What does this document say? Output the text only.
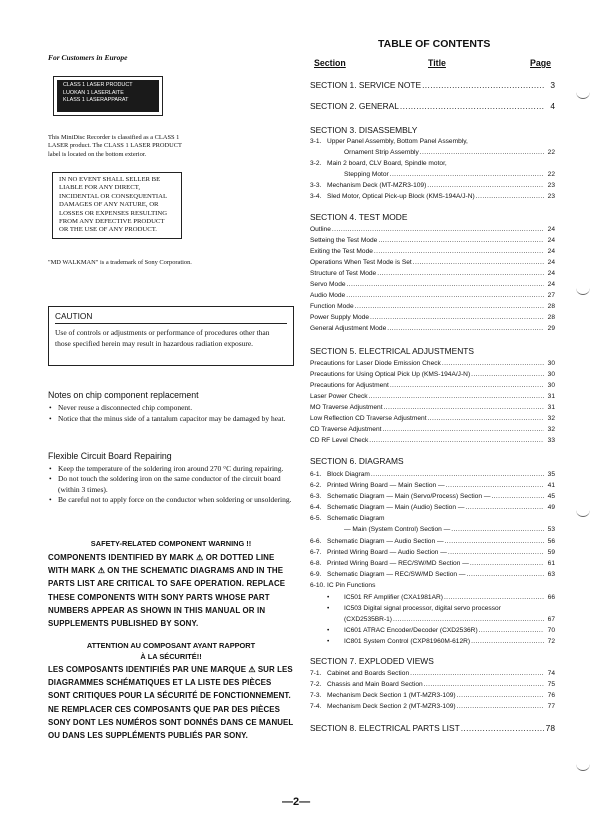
For Customers in Europe
CLASS 1 LASER PRODUCT
LUOKAN 1 LASERLAITE
KLASS 1 LASERAPPARAT
This MiniDisc Recorder is classified as a CLASS 1 LASER product. The CLASS 1 LASER PRODUCT label is located on the bottom exterior.
IN NO EVENT SHALL SELLER BE LIABLE FOR ANY DIRECT, INCIDENTAL OR CONSEQUENTIAL DAMAGES OF ANY NATURE, OR LOSSES OR EXPENSES RESULTING FROM ANY DEFECTIVE PRODUCT OR THE USE OF ANY PRODUCT.
"MD WALKMAN" is a trademark of Sony Corporation.
CAUTION
Use of controls or adjustments or performance of procedures other than those specified herein may result in hazardous radiation exposure.
Notes on chip component replacement
• Never reuse a disconnected chip component.
• Notice that the minus side of a tantalum capacitor may be damaged by heat.
Flexible Circuit Board Repairing
• Keep the temperature of the soldering iron around 270 °C during repairing.
• Do not touch the soldering iron on the same conductor of the circuit board (within 3 times).
• Be careful not to apply force on the conductor when soldering or unsoldering.
SAFETY-RELATED COMPONENT WARNING !!
COMPONENTS IDENTIFIED BY MARK ⚠ OR DOTTED LINE WITH MARK ⚠ ON THE SCHEMATIC DIAGRAMS AND IN THE PARTS LIST ARE CRITICAL TO SAFE OPERATION. REPLACE THESE COMPONENTS WITH SONY PARTS WHOSE PART NUMBERS APPEAR AS SHOWN IN THIS MANUAL OR IN SUPPLEMENTS PUBLISHED BY SONY.
ATTENTION AU COMPOSANT AYANT RAPPORT
À LA SÉCURITÉ!!
LES COMPOSANTS IDENTIFIÉS PAR UNE MARQUE ⚠ SUR LES DIAGRAMMES SCHÉMATIQUES ET LA LISTE DES PIÈCES SONT CRITIQUES POUR LA SÉCURITÉ DE FONCTIONNEMENT. NE REMPLACER CES COMPOSANTS QUE PAR DES PIÈCES SONY DONT LES NUMÉROS SONT DONNÉS DANS CE MANUEL OU DANS LES SUPPLÉMENTS PUBLIÉS PAR SONY.
—2—
TABLE OF CONTENTS
Section	Title	Page
SECTION 1. SERVICE NOTE .....	3
SECTION 2. GENERAL .....	4
SECTION 3. DISASSEMBLY
3-1. Upper Panel Assembly, Bottom Panel Assembly,
Ornament Strip Assembly .....	22
3-2. Main 2 board, CLV Board, Spindle motor,
Stepping Motor .....	22
3-3. Mechanism Deck (MT-MZR3-109) .....	23
3-4. Sled Motor, Optical Pick-up Block (KMS-194A/J-N) .....	23
SECTION 4. TEST MODE
Outline .....	24
Setteing the Test Mode .....	24
Exiting the Test Mode .....	24
Operations When Test Mode is Set .....	24
Structure of Test Mode .....	24
Servo Mode .....	24
Audio Mode .....	27
Function Mode .....	28
Power Supply Mode .....	28
General Adjustment Mode .....	29
SECTION 5. ELECTRICAL ADJUSTMENTS
Precautions for Laser Diode Emission Check .....	30
Precautions for Using Optical Pick Up (KMS-194A/J-N) .....	30
Precautions for Adjustment .....	30
Laser Power Check .....	31
MO Traverse Adjustment .....	31
Low Reflection CD Traverse Adjustment .....	32
CD Traverse Adjustment .....	32
CD RF Level Check .....	33
SECTION 6. DIAGRAMS
6-1. Block Diagram .....	35
6-2. Printed Wiring Board — Main Section — .....	41
6-3. Schematic Diagram — Main (Servo/Process) Section — .....	45
6-4. Schematic Diagram — Main (Audio) Section — .....	49
6-5. Schematic Diagram
— Main (System Control) Section — .....	53
6-6. Schematic Diagram — Audio Section — .....	56
6-7. Printed Wiring Board — Audio Section — .....	59
6-8. Printed Wiring Board — REC/SW/MD Section — .....	61
6-9. Schematic Diagram — REC/SW/MD Section — .....	63
6-10. IC Pin Functions
•	IC501 RF Amplifier (CXA1981AR) .....	66
•	IC503 Digital signal processor, digital servo processor
(CXD2535BR-1) .....	67
•	IC601 ATRAC Encoder/Decoder (CXD2536R) .....	70
•	IC801 System Control (CXP81960M-612R) .....	72
SECTION 7. EXPLODED VIEWS
7-1. Cabinet and Boards Section .....	74
7-2. Chassis and Main Board Section .....	75
7-3. Mechanism Deck Section 1 (MT-MZR3-109) .....	76
7-4. Mechanism Deck Section 2 (MT-MZR3-109) .....	77
SECTION 8. ELECTRICAL PARTS LIST .....	78
